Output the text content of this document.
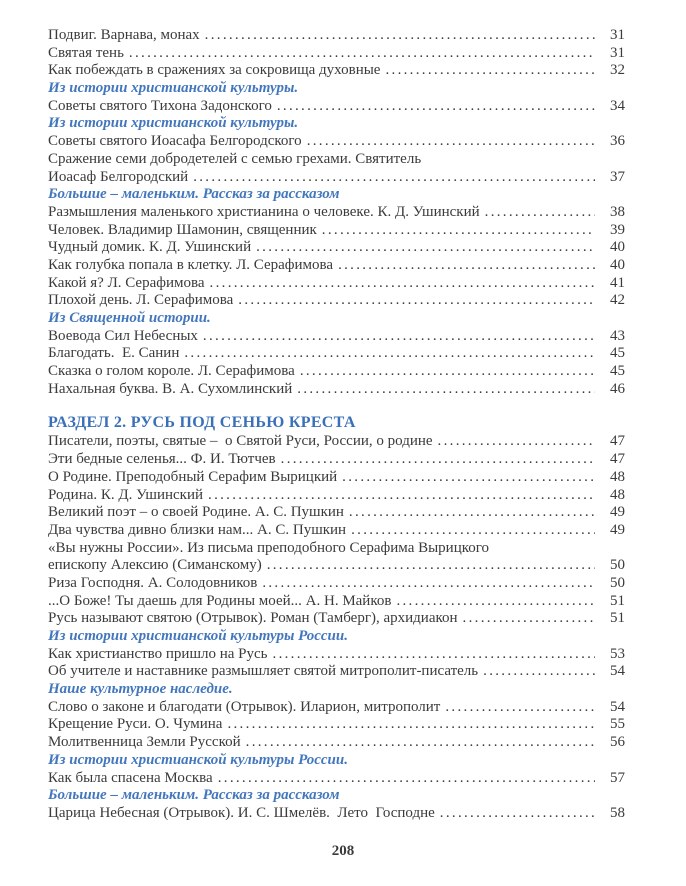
Подвиг. Варнава, монах .....	31
Святая тень .....	31
Как побеждать в сражениях за сокровища духовные .....	32
Из истории христианской культуры.
Советы святого Тихона Задонского .....	34
Из истории христианской культуры.
Советы святого Иоасафа Белгородского .....	36
Сражение семи добродетелей с семью грехами. Святитель
Иоасаф Белгородский .....	37
Большие – маленьким. Рассказ за рассказом
Размышления маленького христианина о человеке. К. Д. Ушинский .....	38
Человек. Владимир Шамонин, священник .....	39
Чудный домик. К. Д. Ушинский .....	40
Как голубка попала в клетку. Л. Серафимова .....	40
Какой я? Л. Серафимова .....	41
Плохой день. Л. Серафимова .....	42
Из Священной истории.
Воевода Сил Небесных .....	43
Благодать. Е. Санин .....	45
Сказка о голом короле. Л. Серафимова .....	45
Нахальная буква. В. А. Сухомлинский .....	46
РАЗДЕЛ 2. РУСЬ ПОД СЕНЬЮ КРЕСТА
Писатели, поэты, святые – о Святой Руси, России, о родине .....	47
Эти бедные селенья... Ф. И. Тютчев .....	47
О Родине. Преподобный Серафим Вырицкий .....	48
Родина. К. Д. Ушинский .....	48
Великий поэт – о своей Родине. А. С. Пушкин .....	49
Два чувства дивно близки нам... А. С. Пушкин .....	49
«Вы нужны России». Из письма преподобного Серафима Вырицкого
епископу Алексию (Симанскому) .....	50
Риза Господня. А. Солодовников .....	50
...О Боже! Ты даешь для Родины моей... А. Н. Майков .....	51
Русь называют святою (Отрывок). Роман (Тамберг), архидиакон .....	51
Из истории христианской культуры России.
Как христианство пришло на Русь .....	53
Об учителе и наставнике размышляет святой митрополит-писатель .....	54
Наше культурное наследие.
Слово о законе и благодати (Отрывок). Иларион, митрополит .....	54
Крещение Руси. О. Чумина .....	55
Молитвенница Земли Русской .....	56
Из истории христианской культуры России.
Как была спасена Москва .....	57
Большие – маленьким. Рассказ за рассказом
Царица Небесная (Отрывок). И. С. Шмелёв. Лето Господне .....	58
208
